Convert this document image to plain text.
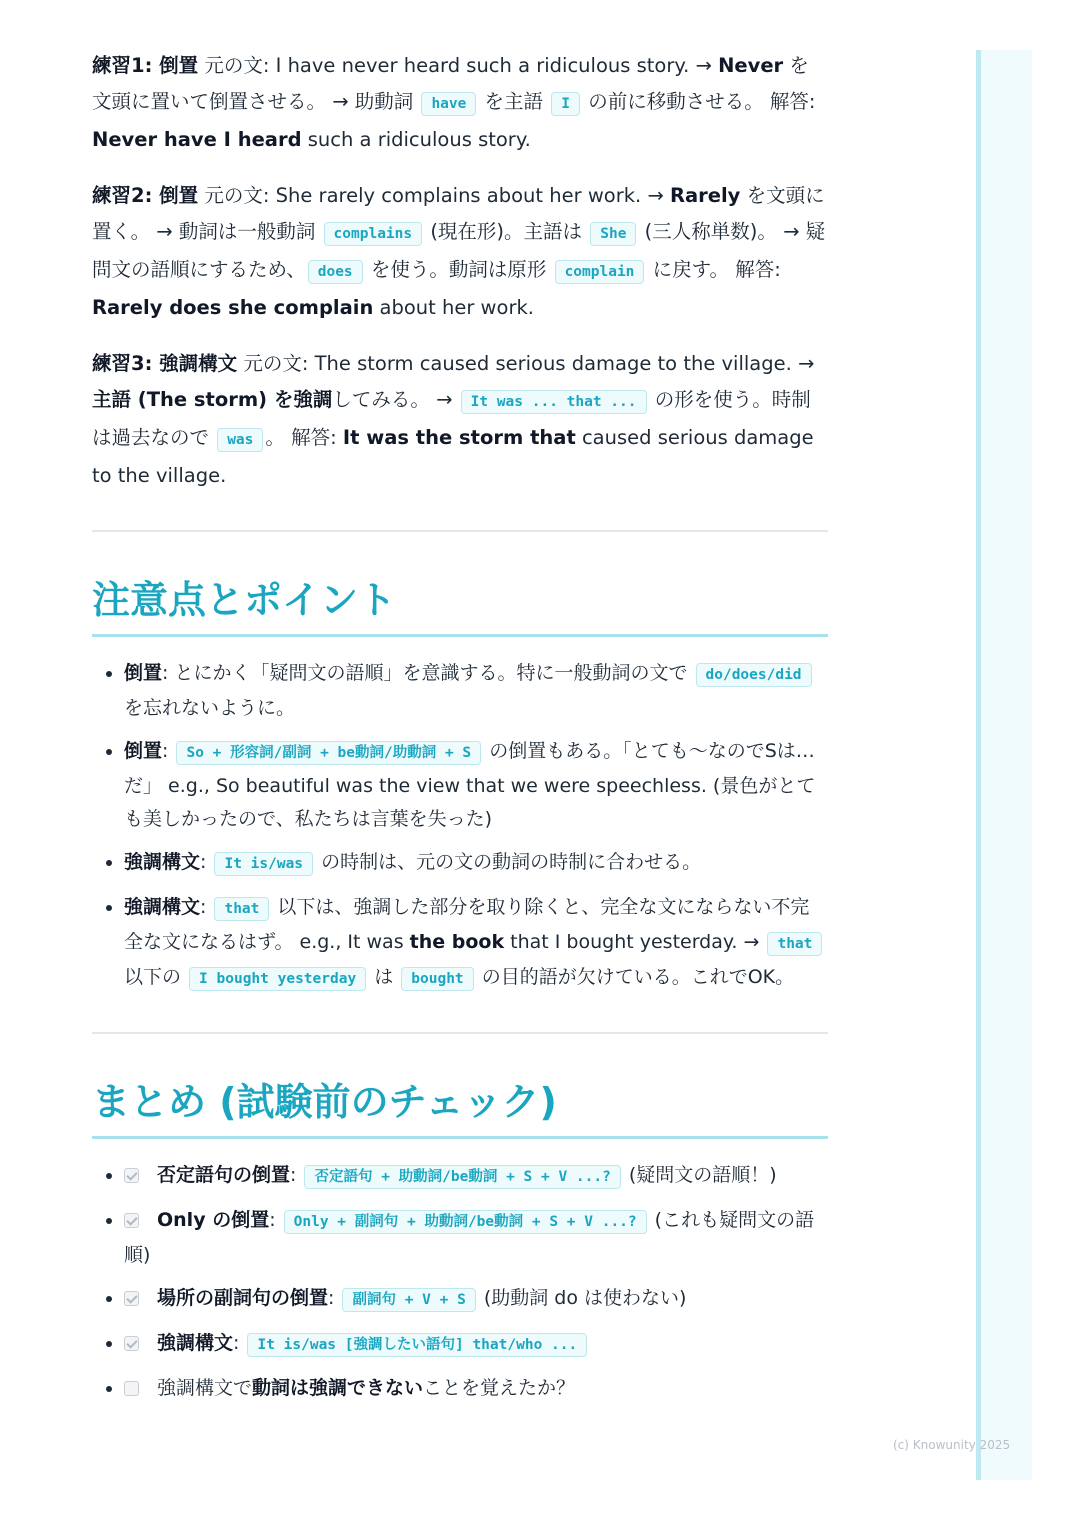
練習1: 倒置 元の文: I have never heard such a ridiculous story. → Never を文頭に置いて倒置させる。 → 助動詞 have を主語 I の前に移動させる。 解答: Never have I heard such a ridiculous story.

練習2: 倒置 元の文: She rarely complains about her work. → Rarely を文頭に置く。 → 動詞は一般動詞 complains (現在形)。主語は She (三人称単数)。 → 疑問文の語順にするため、 does を使う。動詞は原形 complain に戻す。 解答: Rarely does she complain about her work.

練習3: 強調構文 元の文: The storm caused serious damage to the village. → 主語 (The storm) を強調してみる。 → It was ... that ... の形を使う。時制は過去なので was 。 解答: It was the storm that caused serious damage to the village.

注意点とポイント
• 倒置: とにかく「疑問文の語順」を意識する。特に一般動詞の文で do/does/did を忘れないように。
• 倒置: So + 形容詞/副詞 + be動詞/助動詞 + S の倒置もある。「とても〜なのでSは…だ」 e.g., So beautiful was the view that we were speechless. (景色がとても美しかったので、私たちは言葉を失った)
• 強調構文: It is/was の時制は、元の文の動詞の時制に合わせる。
• 強調構文: that 以下は、強調した部分を取り除くと、完全な文にならない不完全な文になるはず。 e.g., It was the book that I bought yesterday. → that 以下の I bought yesterday は bought の目的語が欠けている。これでOK。
まとめ (試験前のチェック)
• 否定語句の倒置: 否定語句 + 助動詞/be動詞 + S + V ...? (疑問文の語順！)
• Only の倒置: Only + 副詞句 + 助動詞/be動詞 + S + V ...? (これも疑問文の語順)
• 場所の副詞句の倒置: 副詞句 + V + S (助動詞 do は使わない)
• 強調構文: It is/was [強調したい語句] that/who ...
• 強調構文で動詞は強調できないことを覚えたか？
(c) Knowunity 2025
